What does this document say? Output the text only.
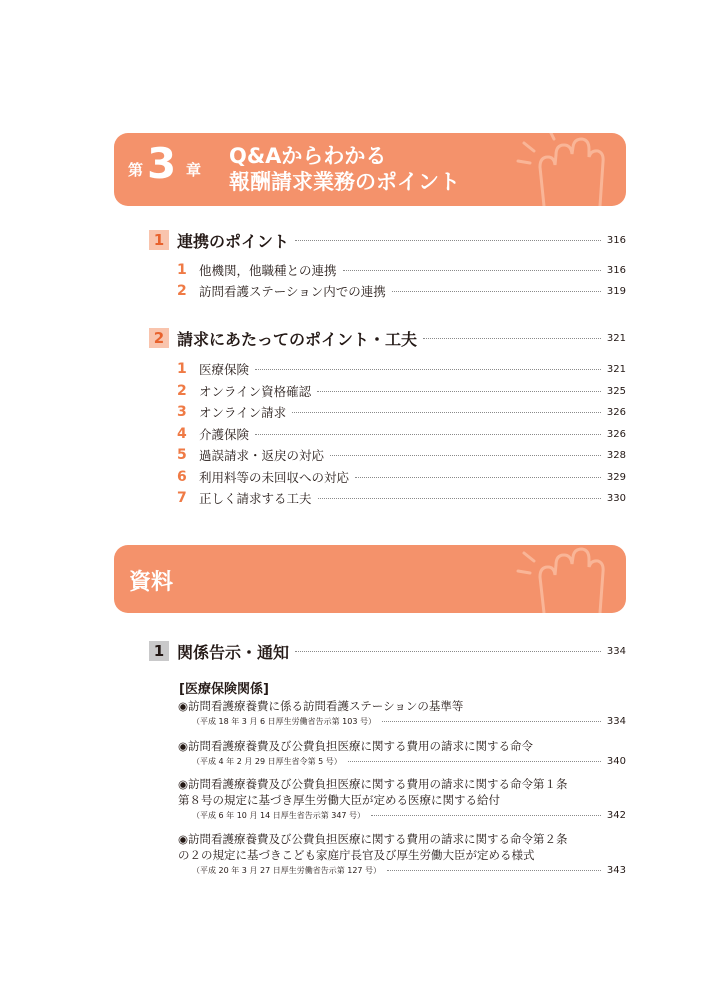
第 3 章
Q&Aからわかる
報酬請求業務のポイント
1 連携のポイント	316
1 他機関，他職種との連携	316
2 訪問看護ステーション内での連携	319
2 請求にあたってのポイント・工夫	321
1 医療保険	321
2 オンライン資格確認	325
3 オンライン請求	326
4 介護保険	326
5 過誤請求・返戻の対応	328
6 利用料等の未回収への対応	329
7 正しく請求する工夫	330
資料
1 関係告示・通知	334
[医療保険関係]
◉訪問看護療養費に係る訪問看護ステーションの基準等
（平成 18 年 3 月 6 日厚生労働省告示第 103 号）	334
◉訪問看護療養費及び公費負担医療に関する費用の請求に関する命令
（平成 4 年 2 月 29 日厚生省令第 5 号）	340
◉訪問看護療養費及び公費負担医療に関する費用の請求に関する命令第１条
第８号の規定に基づき厚生労働大臣が定める医療に関する給付
（平成 6 年 10 月 14 日厚生省告示第 347 号）	342
◉訪問看護療養費及び公費負担医療に関する費用の請求に関する命令第２条
の２の規定に基づきこども家庭庁長官及び厚生労働大臣が定める様式
（平成 20 年 3 月 27 日厚生労働省告示第 127 号）	343
